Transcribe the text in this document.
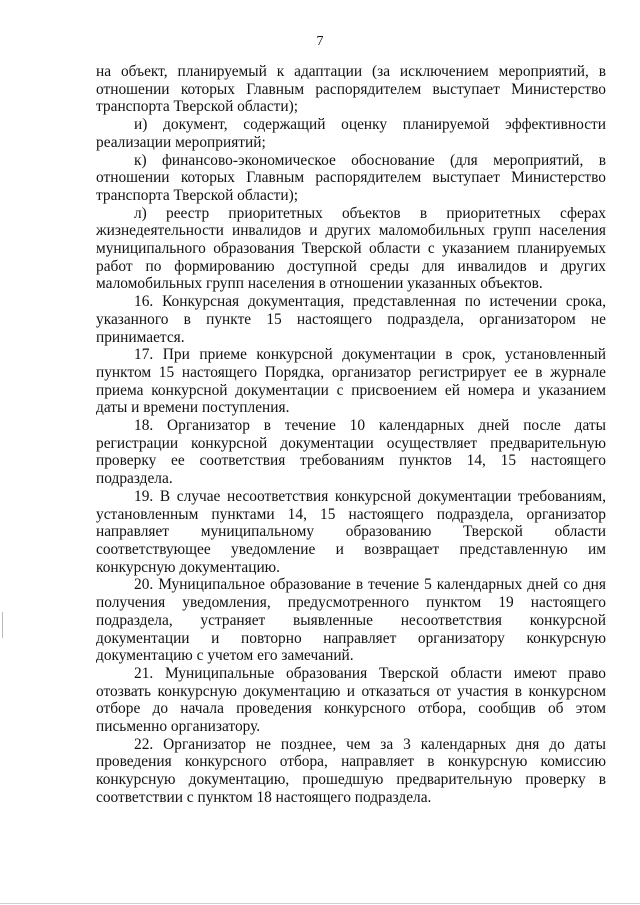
7

на объект, планируемый к адаптации (за исключением мероприятий, в отношении которых Главным распорядителем выступает Министерство транспорта Тверской области);

и) документ, содержащий оценку планируемой эффективности реализации мероприятий;

к) финансово-экономическое обоснование (для мероприятий, в отношении которых Главным распорядителем выступает Министерство транспорта Тверской области);

л) реестр приоритетных объектов в приоритетных сферах жизнедеятельности инвалидов и других маломобильных групп населения муниципального образования Тверской области с указанием планируемых работ по формированию доступной среды для инвалидов и других маломобильных групп населения в отношении указанных объектов.

16. Конкурсная документация, представленная по истечении срока, указанного в пункте 15 настоящего подраздела, организатором не принимается.

17. При приеме конкурсной документации в срок, установленный пунктом 15 настоящего Порядка, организатор регистрирует ее в журнале приема конкурсной документации с присвоением ей номера и указанием даты и времени поступления.

18. Организатор в течение 10 календарных дней после даты регистрации конкурсной документации осуществляет предварительную проверку ее соответствия требованиям пунктов 14, 15 настоящего подраздела.

19. В случае несоответствия конкурсной документации требованиям, установленным пунктами 14, 15 настоящего подраздела, организатор направляет муниципальному образованию Тверской области соответствующее уведомление и возвращает представленную им конкурсную документацию.

20. Муниципальное образование в течение 5 календарных дней со дня получения уведомления, предусмотренного пунктом 19 настоящего подраздела, устраняет выявленные несоответствия конкурсной документации и повторно направляет организатору конкурсную документацию с учетом его замечаний.

21. Муниципальные образования Тверской области имеют право отозвать конкурсную документацию и отказаться от участия в конкурсном отборе до начала проведения конкурсного отбора, сообщив об этом письменно организатору.

22. Организатор не позднее, чем за 3 календарных дня до даты проведения конкурсного отбора, направляет в конкурсную комиссию конкурсную документацию, прошедшую предварительную проверку в соответствии с пунктом 18 настоящего подраздела.
